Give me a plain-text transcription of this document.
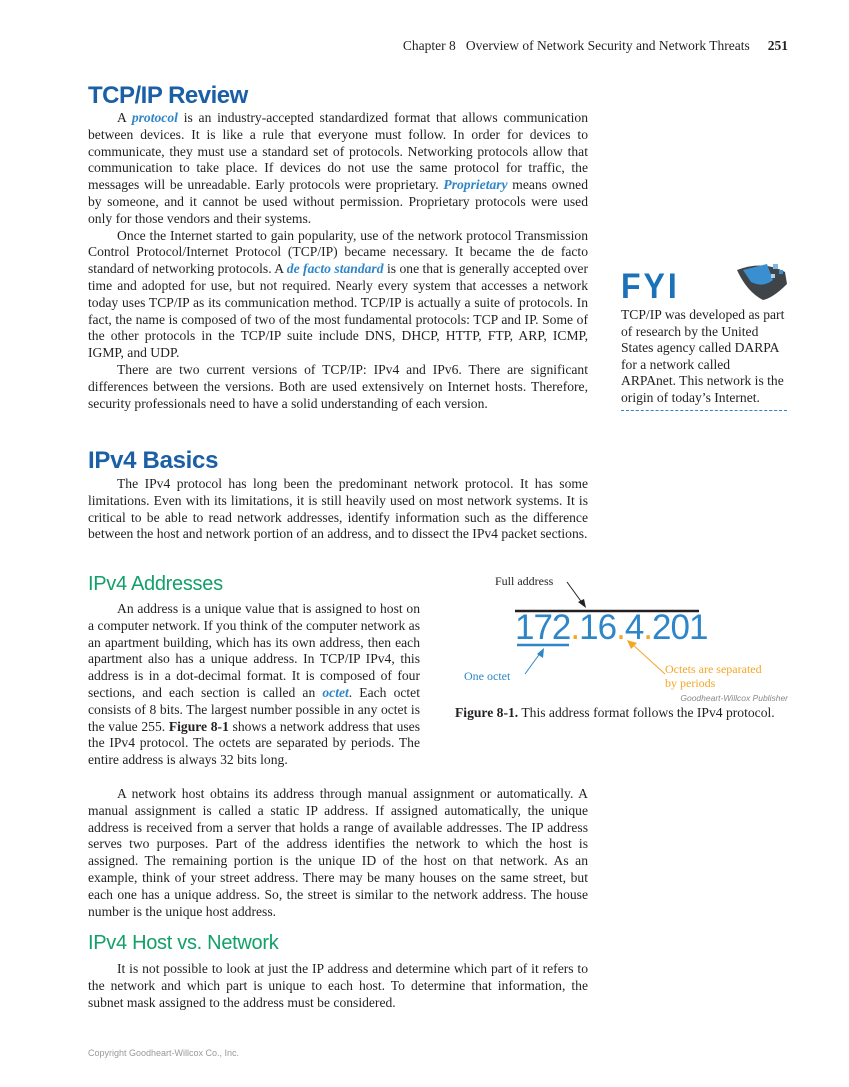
Chapter 8   Overview of Network Security and Network Threats 251
TCP/IP Review

A protocol is an industry-accepted standardized format that allows communication between devices. It is like a rule that everyone must follow. In order for devices to communicate, they must use a standard set of protocols. Networking protocols allow that communication to take place. If devices do not use the same protocol for traffic, the messages will be unreadable. Early protocols were proprietary. Proprietary means owned by someone, and it cannot be used without permission. Proprietary protocols were used only for those vendors and their systems.

Once the Internet started to gain popularity, use of the network protocol Transmission Control Protocol/Internet Protocol (TCP/IP) became necessary. It became the de facto standard of networking protocols. A de facto standard is one that is generally accepted over time and adopted for use, but not required. Nearly every system that accesses a network today uses TCP/IP as its communication method. TCP/IP is actually a suite of protocols. In fact, the name is composed of two of the most fundamental protocols: TCP and IP. Some of the other protocols in the TCP/IP suite include DNS, DHCP, HTTP, FTP, ARP, ICMP, IGMP, and UDP.

There are two current versions of TCP/IP: IPv4 and IPv6. There are significant differences between the versions. Both are used extensively on Internet hosts. Therefore, security professionals need to have a solid understanding of each version.

FYI
TCP/IP was developed as part of research by the United States agency called DARPA for a network called ARPAnet. This network is the origin of today’s Internet.
IPv4 Basics

The IPv4 protocol has long been the predominant network protocol. It has some limitations. Even with its limitations, it is still heavily used on most network systems. It is critical to be able to read network addresses, identify information such as the difference between the host and network portion of an address, and to dissect the IPv4 packet sections.

IPv4 Addresses

An address is a unique value that is assigned to host on a computer network. If you think of the computer network as an apartment building, which has its own address, then each apartment also has a unique address. In TCP/IP IPv4, this address is in a dot-decimal format. It is composed of four sections, and each section is called an octet. Each octet consists of 8 bits. The largest number possible in any octet is the value 255. Figure 8-1 shows a network address that uses the IPv4 protocol. The octets are separated by periods. The entire address is always 32 bits long.

A network host obtains its address through manual assignment or automatically. A manual assignment is called a static IP address. If assigned automatically, the unique address is received from a server that holds a range of available addresses. The IP address serves two purposes. Part of the address identifies the network to which the host is assigned. The remaining portion is the unique ID of the host on that network. As an example, think of your street address. There may be many houses on the same street, but each one has a unique address. So, the street is similar to the network address. The house number is the unique host address.

Full address
172.16.4.201
One octet	Octets are separated
by periods
Goodheart-Willcox Publisher
Figure 8-1. This address format follows the IPv4 protocol.
IPv4 Host vs. Network

It is not possible to look at just the IP address and determine which part of it refers to the network and which part is unique to each host. To determine that information, the subnet mask assigned to the address must be considered.

Copyright Goodheart-Willcox Co., Inc.
